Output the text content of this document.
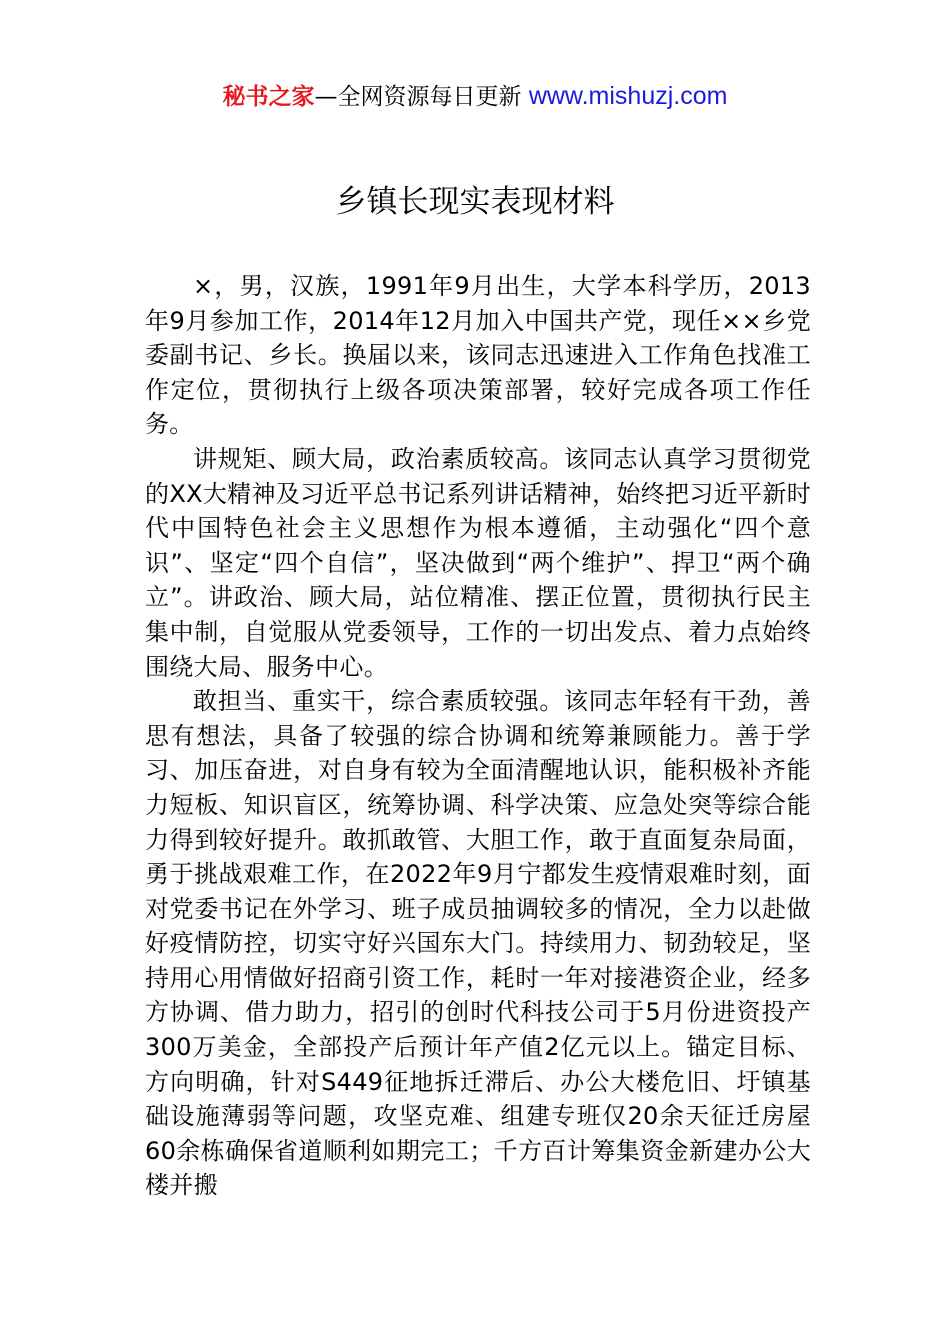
秘书之家—全网资源每日更新 www.mishuzj.com
乡镇长现实表现材料

×，男，汉族，1991年9月出生，大学本科学历，2013年9月参加工作，2014年12月加入中国共产党，现任××乡党委副书记、乡长。换届以来，该同志迅速进入工作角色找准工作定位，贯彻执行上级各项决策部署，较好完成各项工作任务。

讲规矩、顾大局，政治素质较高。该同志认真学习贯彻党的XX大精神及习近平总书记系列讲话精神，始终把习近平新时代中国特色社会主义思想作为根本遵循，主动强化“四个意识”、坚定“四个自信”，坚决做到“两个维护”、捍卫“两个确立”。讲政治、顾大局，站位精准、摆正位置，贯彻执行民主集中制，自觉服从党委领导，工作的一切出发点、着力点始终围绕大局、服务中心。

敢担当、重实干，综合素质较强。该同志年轻有干劲，善思有想法，具备了较强的综合协调和统筹兼顾能力。善于学习、加压奋进，对自身有较为全面清醒地认识，能积极补齐能力短板、知识盲区，统筹协调、科学决策、应急处突等综合能力得到较好提升。敢抓敢管、大胆工作，敢于直面复杂局面，勇于挑战艰难工作，在2022年9月宁都发生疫情艰难时刻，面对党委书记在外学习、班子成员抽调较多的情况，全力以赴做好疫情防控，切实守好兴国东大门。持续用力、韧劲较足，坚持用心用情做好招商引资工作，耗时一年对接港资企业，经多方协调、借力助力，招引的创时代科技公司于5月份进资投产300万美金，全部投产后预计年产值2亿元以上。锚定目标、方向明确，针对S449征地拆迁滞后、办公大楼危旧、圩镇基础设施薄弱等问题，攻坚克难、组建专班仅20余天征迁房屋60余栋确保省道顺利如期完工；千方百计筹集资金新建办公大楼并搬
